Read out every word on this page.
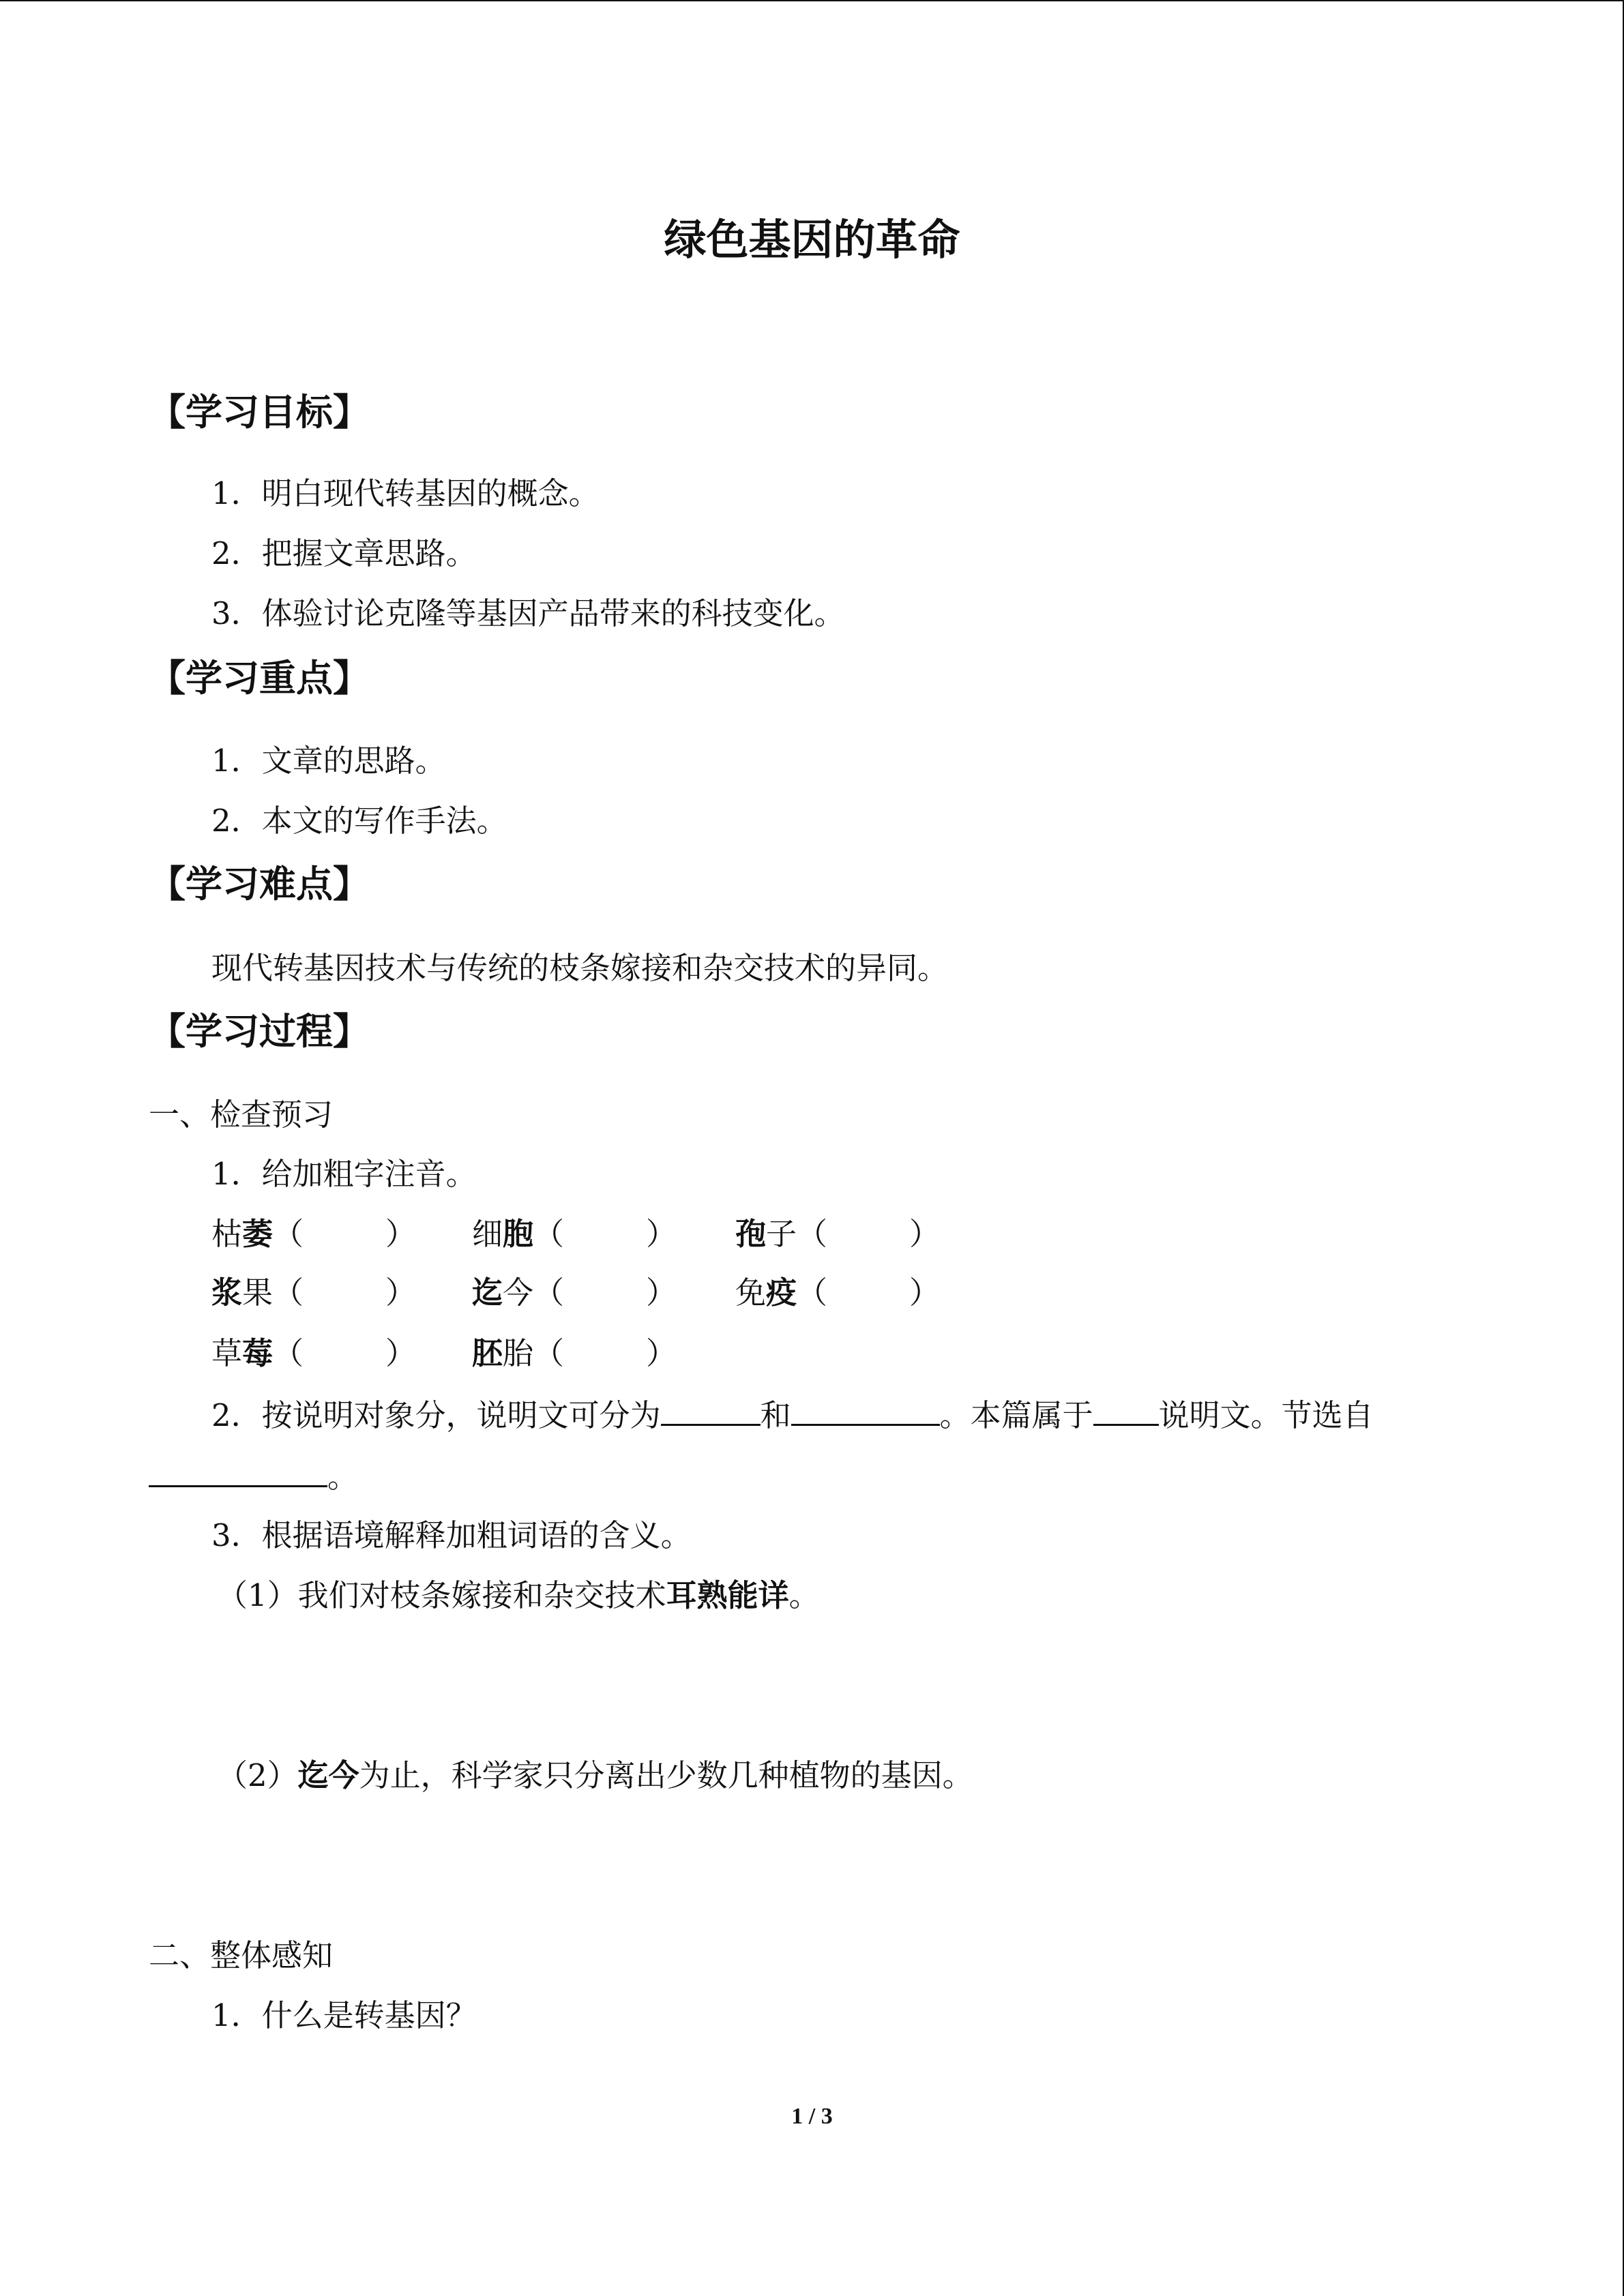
绿色基因的革命
【学习目标】
1．明白现代转基因的概念。
2．把握文章思路。
3．体验讨论克隆等基因产品带来的科技变化。
【学习重点】
1．文章的思路。
2．本文的写作手法。
【学习难点】
现代转基因技术与传统的枝条嫁接和杂交技术的异同。
【学习过程】
一、检查预习
1．给加粗字注音。
枯萎（	） 细胞（	） 孢子（	）
浆果（	） 迄今（	） 免疫（	）
草莓（	） 胚胎（	）
2．按说明对象分，说明文可分为	和	。本篇属于 说明文。节选自
。
3．根据语境解释加粗词语的含义。
（1）我们对枝条嫁接和杂交技术耳熟能详。
（2）迄今为止，科学家只分离出少数几种植物的基因。
二、整体感知
1．什么是转基因？
1 / 3
